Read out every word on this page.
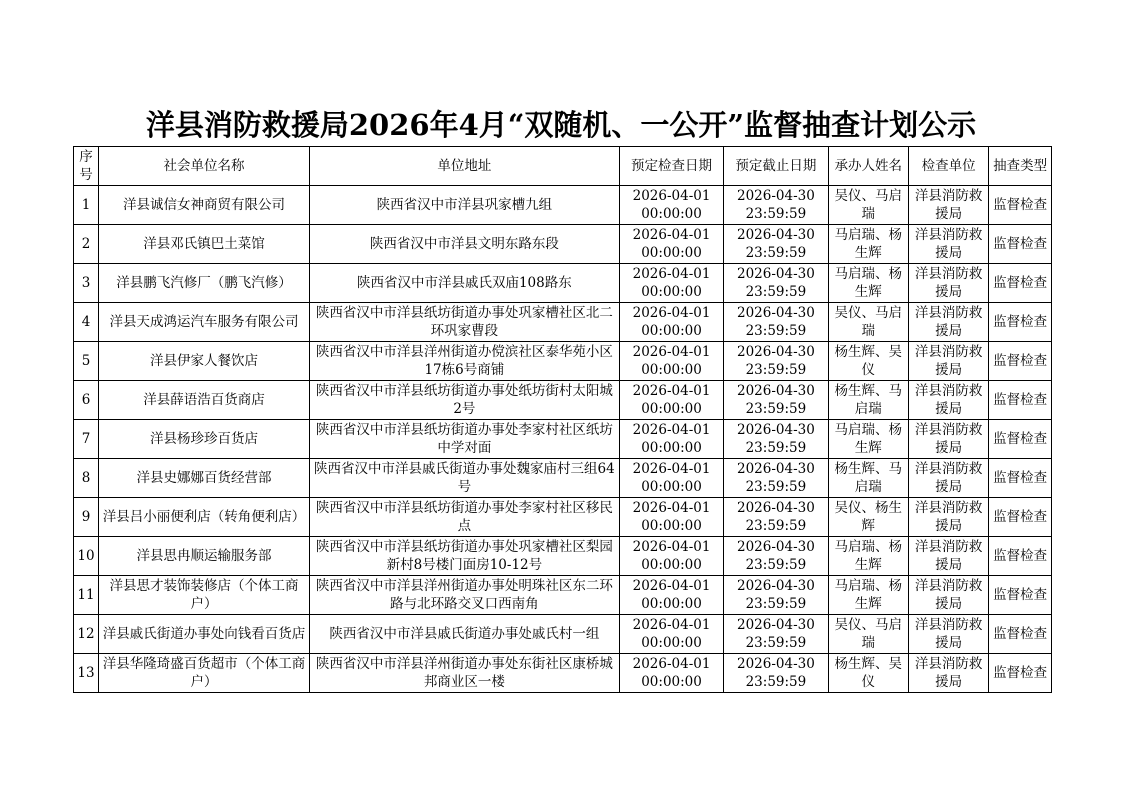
洋县消防救援局2026年4月“双随机、一公开”监督抽查计划公示
序号	社会单位名称	单位地址	预定检查日期	预定截止日期	承办人姓名	检查单位	抽查类型
1	洋县诚信女神商贸有限公司	陕西省汉中市洋县巩家槽九组	2026-04-01
00:00:00	2026-04-30
23:59:59	吴仪、马启瑞	洋县消防救援局	监督检查
2	洋县邓氏镇巴土菜馆	陕西省汉中市洋县文明东路东段	2026-04-01
00:00:00	2026-04-30
23:59:59	马启瑞、杨生辉	洋县消防救援局	监督检查
3	洋县鹏飞汽修厂（鹏飞汽修）	陕西省汉中市洋县戚氏双庙108路东	2026-04-01
00:00:00	2026-04-30
23:59:59	马启瑞、杨生辉	洋县消防救援局	监督检查
4	洋县天成鸿运汽车服务有限公司	陕西省汉中市洋县纸坊街道办事处巩家槽社区北二环巩家曹段	2026-04-01
00:00:00	2026-04-30
23:59:59	吴仪、马启瑞	洋县消防救援局	监督检查
5	洋县伊家人餐饮店	陕西省汉中市洋县洋州街道办傥滨社区泰华苑小区17栋6号商铺	2026-04-01
00:00:00	2026-04-30
23:59:59	杨生辉、吴仪	洋县消防救援局	监督检查
6	洋县薛语浩百货商店	陕西省汉中市洋县纸坊街道办事处纸坊街村太阳城2号	2026-04-01
00:00:00	2026-04-30
23:59:59	杨生辉、马启瑞	洋县消防救援局	监督检查
7	洋县杨珍珍百货店	陕西省汉中市洋县纸坊街道办事处李家村社区纸坊中学对面	2026-04-01
00:00:00	2026-04-30
23:59:59	马启瑞、杨生辉	洋县消防救援局	监督检查
8	洋县史娜娜百货经营部	陕西省汉中市洋县戚氏街道办事处魏家庙村三组64号	2026-04-01
00:00:00	2026-04-30
23:59:59	杨生辉、马启瑞	洋县消防救援局	监督检查
9	洋县吕小丽便利店（转角便利店）	陕西省汉中市洋县纸坊街道办事处李家村社区移民点	2026-04-01
00:00:00	2026-04-30
23:59:59	吴仪、杨生辉	洋县消防救援局	监督检查
10	洋县思冉顺运输服务部	陕西省汉中市洋县纸坊街道办事处巩家槽社区梨园新村8号楼门面房10-12号	2026-04-01
00:00:00	2026-04-30
23:59:59	马启瑞、杨生辉	洋县消防救援局	监督检查
11	洋县思才装饰装修店（个体工商户）	陕西省汉中市洋县洋州街道办事处明珠社区东二环路与北环路交叉口西南角	2026-04-01
00:00:00	2026-04-30
23:59:59	马启瑞、杨生辉	洋县消防救援局	监督检查
12	洋县戚氏街道办事处向钱看百货店	陕西省汉中市洋县戚氏街道办事处戚氏村一组	2026-04-01
00:00:00	2026-04-30
23:59:59	吴仪、马启瑞	洋县消防救援局	监督检查
13	洋县华隆琦盛百货超市（个体工商户）	陕西省汉中市洋县洋州街道办事处东街社区康桥城邦商业区一楼	2026-04-01
00:00:00	2026-04-30
23:59:59	杨生辉、吴仪	洋县消防救援局	监督检查
